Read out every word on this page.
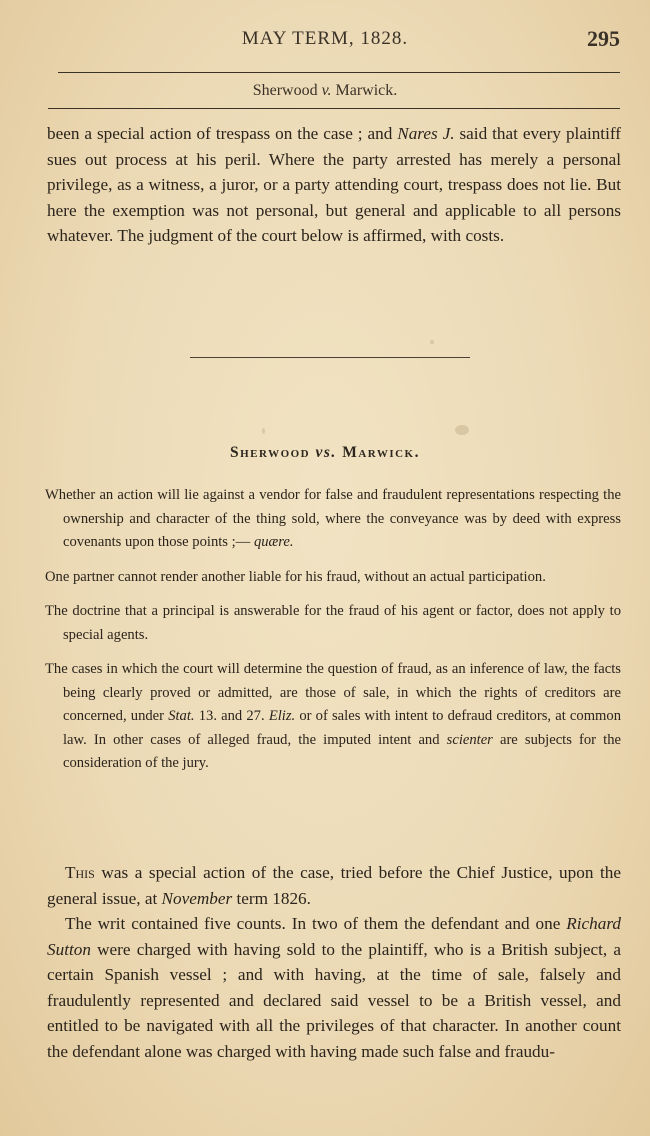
MAY TERM, 1828.	295
Sherwood v. Marwick.
been a special action of trespass on the case ; and Nares J. said that every plaintiff sues out process at his peril. Where the party arrested has merely a personal privilege, as a witness, a juror, or a party attending court, trespass does not lie. But here the exemption was not personal, but general and applicable to all persons whatever. The judgment of the court below is affirmed, with costs.
Sherwood vs. Marwick.

Whether an action will lie against a vendor for false and fraudulent representations respecting the ownership and character of the thing sold, where the conveyance was by deed with express covenants upon those points ;— quære.

One partner cannot render another liable for his fraud, without an actual participation.

The doctrine that a principal is answerable for the fraud of his agent or factor, does not apply to special agents.

The cases in which the court will determine the question of fraud, as an inference of law, the facts being clearly proved or admitted, are those of sale, in which the rights of creditors are concerned, under Stat. 13. and 27. Eliz. or of sales with intent to defraud creditors, at common law. In other cases of alleged fraud, the imputed intent and scienter are subjects for the consideration of the jury.

This was a special action of the case, tried before the Chief Justice, upon the general issue, at November term 1826.

The writ contained five counts. In two of them the defendant and one Richard Sutton were charged with having sold to the plaintiff, who is a British subject, a certain Spanish vessel ; and with having, at the time of sale, falsely and fraudulently represented and declared said vessel to be a British vessel, and entitled to be navigated with all the privileges of that character. In another count the defendant alone was charged with having made such false and fraudu-
